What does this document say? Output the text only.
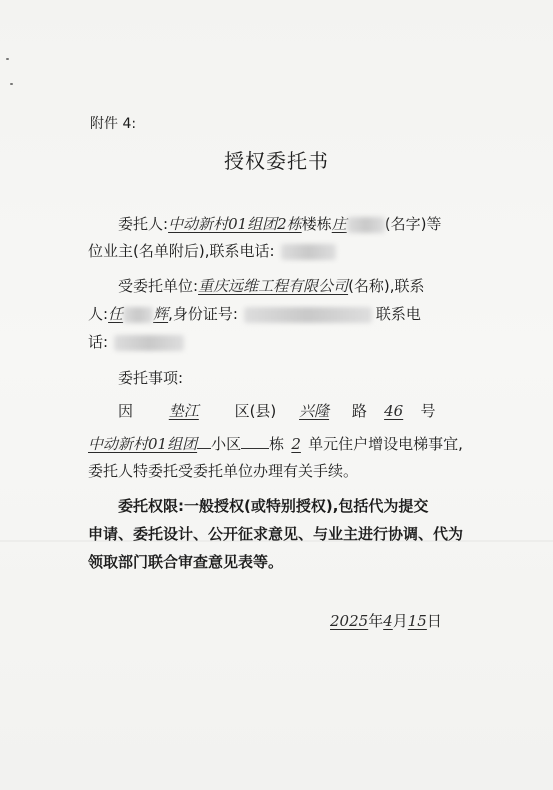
附件 4:
授权委托书
委托人:中动新村01组团2栋楼栋庄	(名字)等
位业主(名单附后),联系电话:
受委托单位:重庆远维工程有限公司(名称),联系
人:任 辉,身份证号:	联系电
话:
委托事项:
因 垫江 区(县) 兴隆 路 46 号
中动新村01组团 小区 栋 2 单元住户增设电梯事宜,
委托人特委托受委托单位办理有关手续。
委托权限:一般授权(或特别授权),包括代为提交
申请、委托设计、公开征求意见、与业主进行协调、代为
领取部门联合审查意见表等。
2025年4月15日
